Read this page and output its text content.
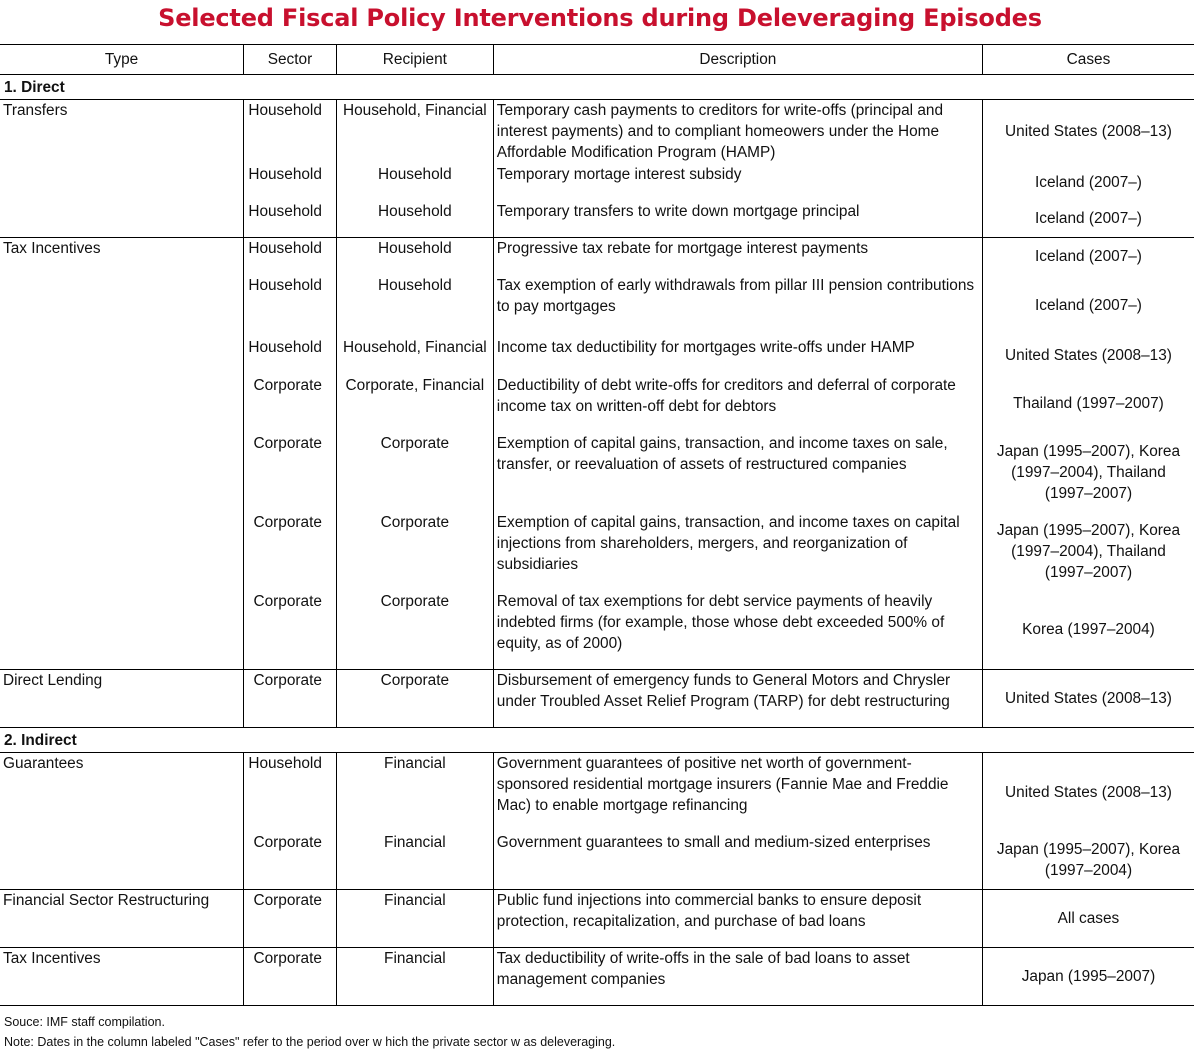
Selected Fiscal Policy Interventions during Deleveraging Episodes
Type	Sector	Recipient	Description	Cases
1. Direct				
Transfers	Household	Household, Financial	Temporary cash payments to creditors for write-offs (principal and interest payments) and to compliant homeowers under the Home Affordable Modification Program (HAMP)	United States (2008–13)
	Household	Household	Temporary mortage interest subsidy	Iceland (2007–)
	Household	Household	Temporary transfers to write down mortgage principal	Iceland (2007–)
Tax Incentives	Household	Household	Progressive tax rebate for mortgage interest payments	Iceland (2007–)
	Household	Household	Tax exemption of early withdrawals from pillar III pension contributions to pay mortgages	Iceland (2007–)
	Household	Household, Financial	Income tax deductibility for mortgages write-offs under HAMP	United States (2008–13)
	Corporate	Corporate, Financial	Deductibility of debt write-offs for creditors and deferral of corporate income tax on written-off debt for debtors	Thailand (1997–2007)
	Corporate	Corporate	Exemption of capital gains, transaction, and income taxes on sale, transfer, or reevaluation of assets of restructured companies	Japan (1995–2007), Korea (1997–2004), Thailand (1997–2007)
	Corporate	Corporate	Exemption of capital gains, transaction, and income taxes on capital injections from shareholders, mergers, and reorganization of subsidiaries	Japan (1995–2007), Korea (1997–2004), Thailand (1997–2007)
	Corporate	Corporate	Removal of tax exemptions for debt service payments of heavily indebted firms (for example, those whose debt exceeded 500% of equity, as of 2000)	Korea (1997–2004)
Direct Lending	Corporate	Corporate	Disbursement of emergency funds to General Motors and Chrysler under Troubled Asset Relief Program (TARP) for debt restructuring	United States (2008–13)
2. Indirect				
Guarantees	Household	Financial	Government guarantees of positive net worth of government-sponsored residential mortgage insurers (Fannie Mae and Freddie Mac) to enable mortgage refinancing	United States (2008–13)
	Corporate	Financial	Government guarantees to small and medium-sized enterprises	Japan (1995–2007), Korea (1997–2004)
Financial Sector Restructuring	Corporate	Financial	Public fund injections into commercial banks to ensure deposit protection, recapitalization, and purchase of bad loans	All cases
Tax Incentives	Corporate	Financial	Tax deductibility of write-offs in the sale of bad loans to asset management companies	Japan (1995–2007)
Souce: IMF staff compilation.
Note: Dates in the column labeled "Cases" refer to the period over w hich the private sector w as deleveraging.
